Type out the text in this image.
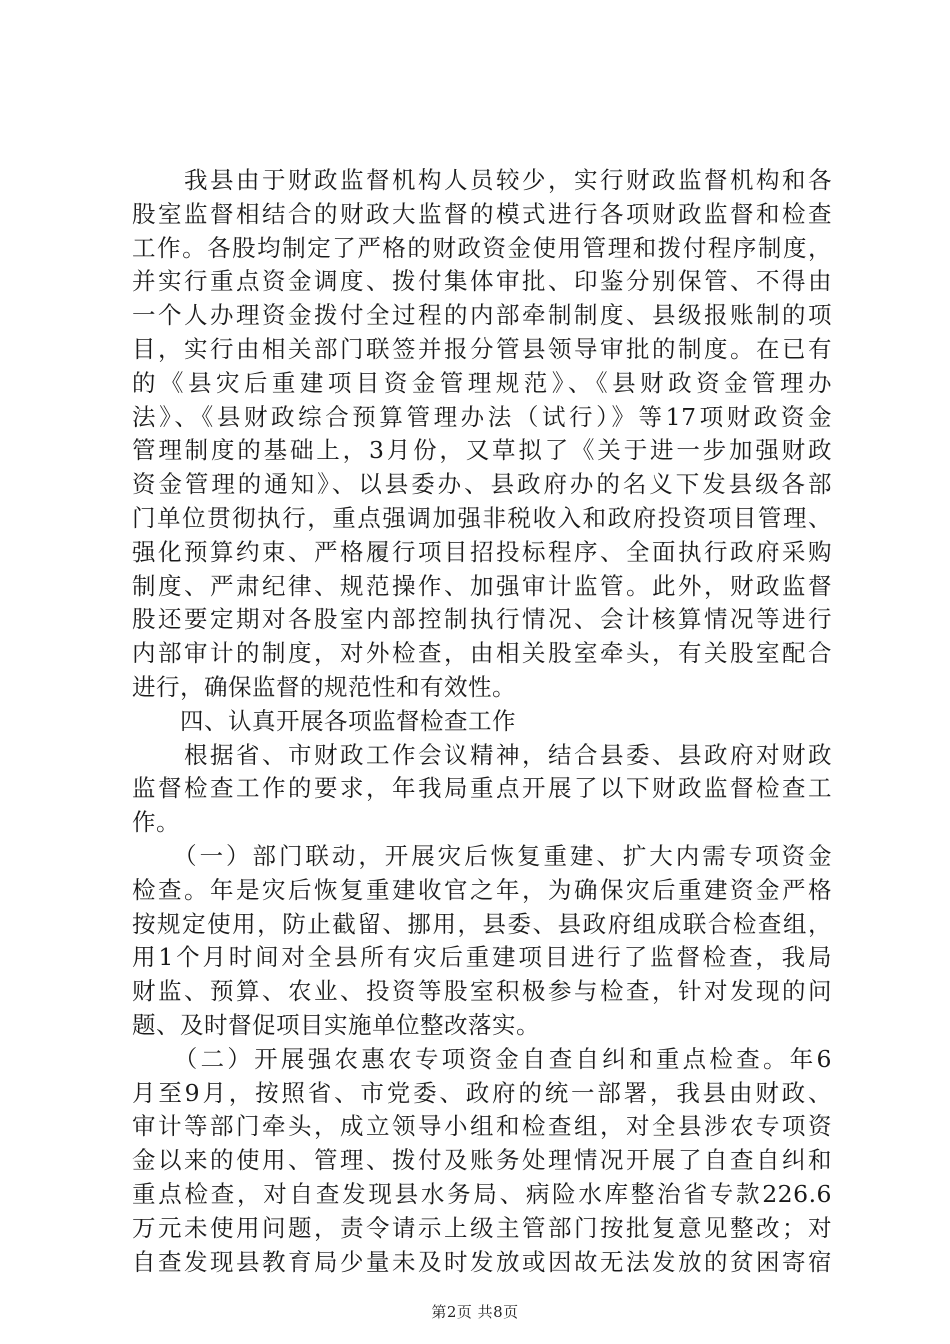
　　我县由于财政监督机构人员较少，实行财政监督机构和各
股室监督相结合的财政大监督的模式进行各项财政监督和检查
工作。各股均制定了严格的财政资金使用管理和拨付程序制度，
并实行重点资金调度、拨付集体审批、印鉴分别保管、不得由
一个人办理资金拨付全过程的内部牵制制度、县级报账制的项
目，实行由相关部门联签并报分管县领导审批的制度。在已有
的《县灾后重建项目资金管理规范》、《县财政资金管理办
法》、《县财政综合预算管理办法（试行）》等17项财政资金
管理制度的基础上，3月份，又草拟了《关于进一步加强财政
资金管理的通知》、以县委办、县政府办的名义下发县级各部
门单位贯彻执行，重点强调加强非税收入和政府投资项目管理、
强化预算约束、严格履行项目招投标程序、全面执行政府采购
制度、严肃纪律、规范操作、加强审计监管。此外，财政监督
股还要定期对各股室内部控制执行情况、会计核算情况等进行
内部审计的制度，对外检查，由相关股室牵头，有关股室配合
进行，确保监督的规范性和有效性。
　　四、认真开展各项监督检查工作
　　根据省、市财政工作会议精神，结合县委、县政府对财政
监督检查工作的要求，年我局重点开展了以下财政监督检查工
作。
　　（一）部门联动，开展灾后恢复重建、扩大内需专项资金
检查。年是灾后恢复重建收官之年，为确保灾后重建资金严格
按规定使用，防止截留、挪用，县委、县政府组成联合检查组，
用1个月时间对全县所有灾后重建项目进行了监督检查，我局
财监、预算、农业、投资等股室积极参与检查，针对发现的问
题、及时督促项目实施单位整改落实。
　　（二）开展强农惠农专项资金自查自纠和重点检查。年6
月至9月，按照省、市党委、政府的统一部署，我县由财政、
审计等部门牵头，成立领导小组和检查组，对全县涉农专项资
金以来的使用、管理、拨付及账务处理情况开展了自查自纠和
重点检查，对自查发现县水务局、病险水库整治省专款226.6
万元未使用问题，责令请示上级主管部门按批复意见整改；对
自查发现县教育局少量未及时发放或因故无法发放的贫困寄宿
第2页 共8页
